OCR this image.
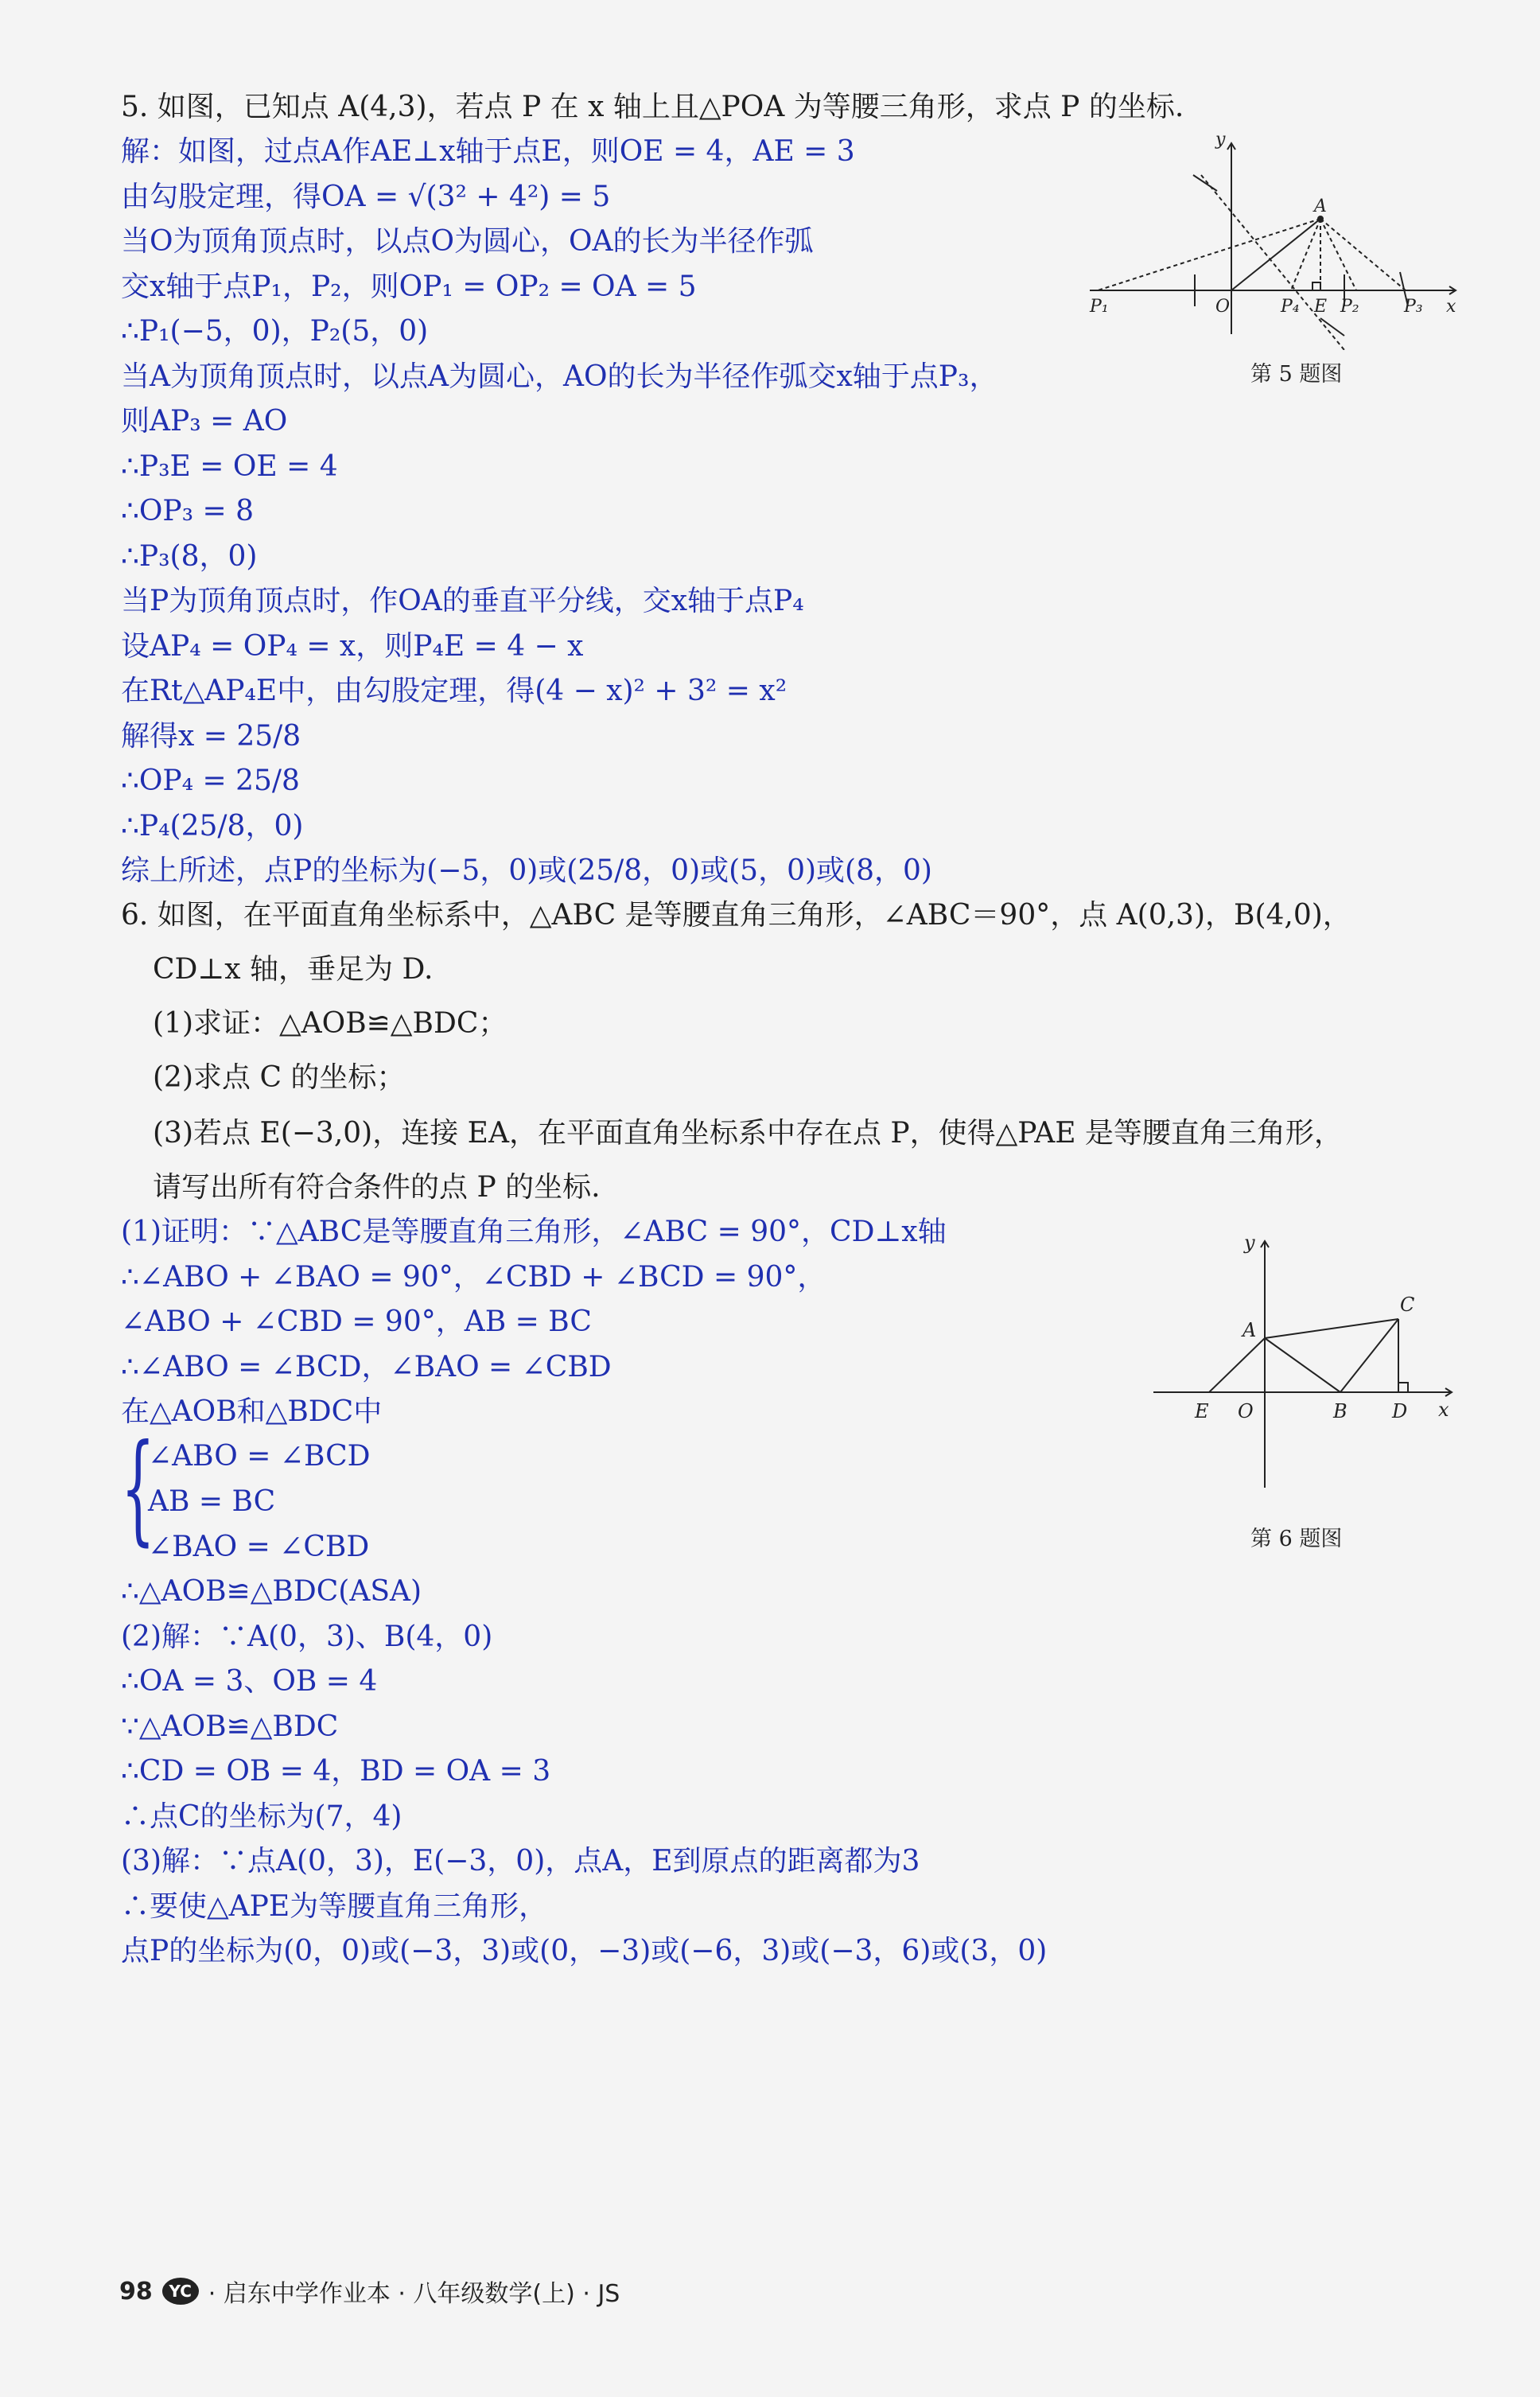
5. 如图，已知点 A(4,3)，若点 P 在 x 轴上且△POA 为等腰三角形，求点 P 的坐标.
解：如图，过点A作AE⊥x轴于点E，则OE = 4，AE = 3
由勾股定理，得OA = √(3² + 4²) = 5
当O为顶角顶点时，以点O为圆心，OA的长为半径作弧
交x轴于点P₁，P₂，则OP₁ = OP₂ = OA = 5
∴P₁(−5，0)，P₂(5，0)
当A为顶角顶点时，以点A为圆心，AO的长为半径作弧交x轴于点P₃，
则AP₃ = AO
∴P₃E = OE = 4
∴OP₃ = 8
∴P₃(8，0)
当P为顶角顶点时，作OA的垂直平分线，交x轴于点P₄
设AP₄ = OP₄ = x，则P₄E = 4 − x
在Rt△AP₄E中，由勾股定理，得(4 − x)² + 3² = x²
解得x = 25/8
∴OP₄ = 25/8
∴P₄(25/8，0)
综上所述，点P的坐标为(−5，0)或(25/8，0)或(5，0)或(8，0)
y
x
A
O	E
P₁	P₂	P₃
P₄
第 5 题图
6. 如图，在平面直角坐标系中，△ABC 是等腰直角三角形，∠ABC＝90°，点 A(0,3)，B(4,0)，
CD⊥x 轴，垂足为 D.
(1)求证：△AOB≌△BDC；
(2)求点 C 的坐标；
(3)若点 E(−3,0)，连接 EA，在平面直角坐标系中存在点 P，使得△PAE 是等腰直角三角形，
请写出所有符合条件的点 P 的坐标.
(1)证明：∵△ABC是等腰直角三角形，∠ABC = 90°，CD⊥x轴
∴∠ABO + ∠BAO = 90°，∠CBD + ∠BCD = 90°，
∠ABO + ∠CBD = 90°，AB = BC
∴∠ABO = ∠BCD，∠BAO = ∠CBD
在△AOB和△BDC中
{
∠ABO = ∠BCD
AB = BC
∠BAO = ∠CBD
∴△AOB≌△BDC(ASA)
(2)解：∵A(0，3)、B(4，0)
∴OA = 3、OB = 4
∵△AOB≌△BDC
∴CD = OB = 4，BD = OA = 3
∴点C的坐标为(7，4)
(3)解：∵点A(0，3)，E(−3，0)，点A，E到原点的距离都为3
∴要使△APE为等腰直角三角形，
点P的坐标为(0，0)或(−3，3)或(0，−3)或(−6，3)或(−3，6)或(3，0)
y
x
A
C
E O	B D
第 6 题图
98	YC · 启东中学作业本 · 八年级数学(上) · JS
